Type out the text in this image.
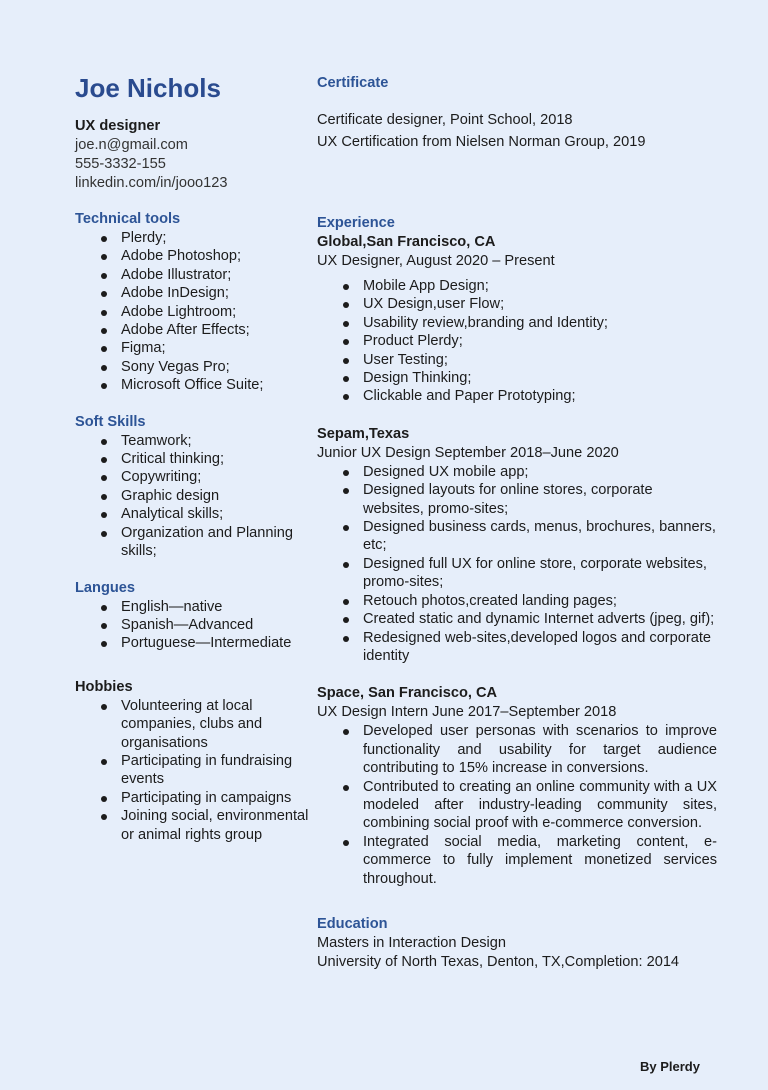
Joe Nichols
UX designer
joe.n@gmail.com
555-3332-155
linkedin.com/in/jooo123
Technical tools
Plerdy;
Adobe Photoshop;
Adobe Illustrator;
Adobe InDesign;
Adobe Lightroom;
Adobe After Effects;
Figma;
Sony Vegas Pro;
Microsoft Office Suite;
Soft Skills
Teamwork;
Critical thinking;
Copywriting;
Graphic design
Analytical skills;
Organization and Planning skills;
Langues
English—native
Spanish—Advanced
Portuguese—Intermediate
Hobbies
Volunteering at local companies, clubs and organisations
Participating in fundraising events
Participating in campaigns
Joining social, environmental or animal rights group
Certificate
Certificate designer, Point School, 2018
UX Certification from Nielsen Norman Group, 2019
Experience
Global,San Francisco, CA
UX Designer, August 2020 – Present
Mobile App Design;
UX Design,user Flow;
Usability review,branding and Identity;
Product Plerdy;
User Testing;
Design Thinking;
Clickable and Paper Prototyping;
Sepam,Texas
Junior UX Design September 2018–June 2020
Designed UX mobile app;
Designed layouts for online stores, corporate websites, promo-sites;
Designed business cards, menus, brochures, banners, etc;
Designed full UX for online store, corporate websites, promo-sites;
Retouch photos,created landing pages;
Created static and dynamic Internet adverts (jpeg, gif);
Redesigned web-sites,developed logos and corporate identity
Space, San Francisco, CA
UX Design Intern June 2017–September 2018
Developed user personas with scenarios to improve functionality and usability for target audience contributing to 15% increase in conversions.
Contributed to creating an online community with a UX modeled after industry-leading community sites, combining social proof with e-commerce conversion.
Integrated social media, marketing content, e-commerce to fully implement monetized services throughout.
Education
Masters in Interaction Design
University of North Texas, Denton, TX,Completion: 2014
By Plerdy
